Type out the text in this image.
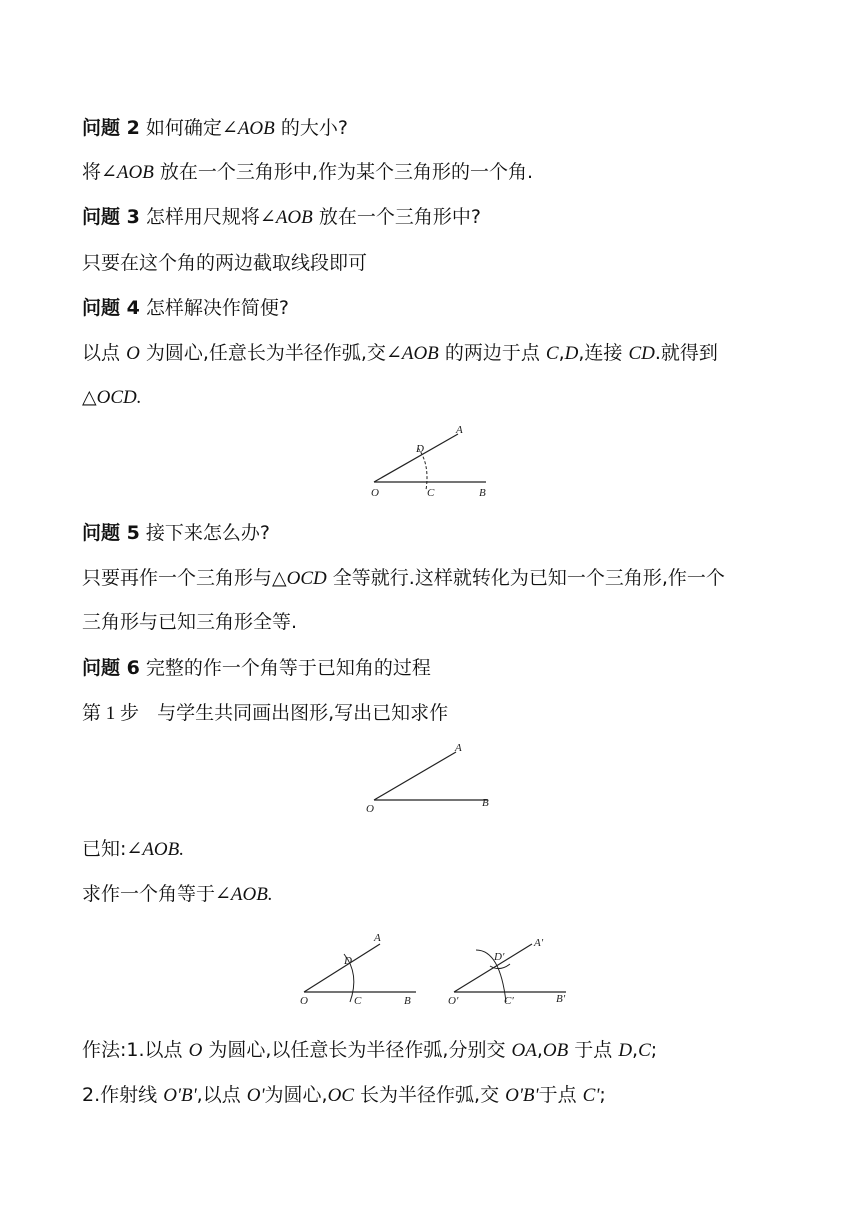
问题 2 如何确定∠AOB 的大小?
将∠AOB 放在一个三角形中,作为某个三角形的一个角.
问题 3 怎样用尺规将∠AOB 放在一个三角形中?
只要在这个角的两边截取线段即可
问题 4 怎样解决作简便?
以点 O 为圆心,任意长为半径作弧,交∠AOB 的两边于点 C,D,连接 CD.就得到
△OCD.
O	C	B
D
A
问题 5 接下来怎么办?
只要再作一个三角形与△OCD 全等就行.这样就转化为已知一个三角形,作一个
三角形与已知三角形全等.
问题 6 完整的作一个角等于已知角的过程
第 1 步 与学生共同画出图形,写出已知求作
O	B
A
已知:∠AOB.
求作一个角等于∠AOB.
O	C	B
D
A
O′	C′	B′
D′
A′
作法:1.以点 O 为圆心,以任意长为半径作弧,分别交 OA,OB 于点 D,C;
2.作射线 O'B',以点 O'为圆心,OC 长为半径作弧,交 O'B'于点 C';
